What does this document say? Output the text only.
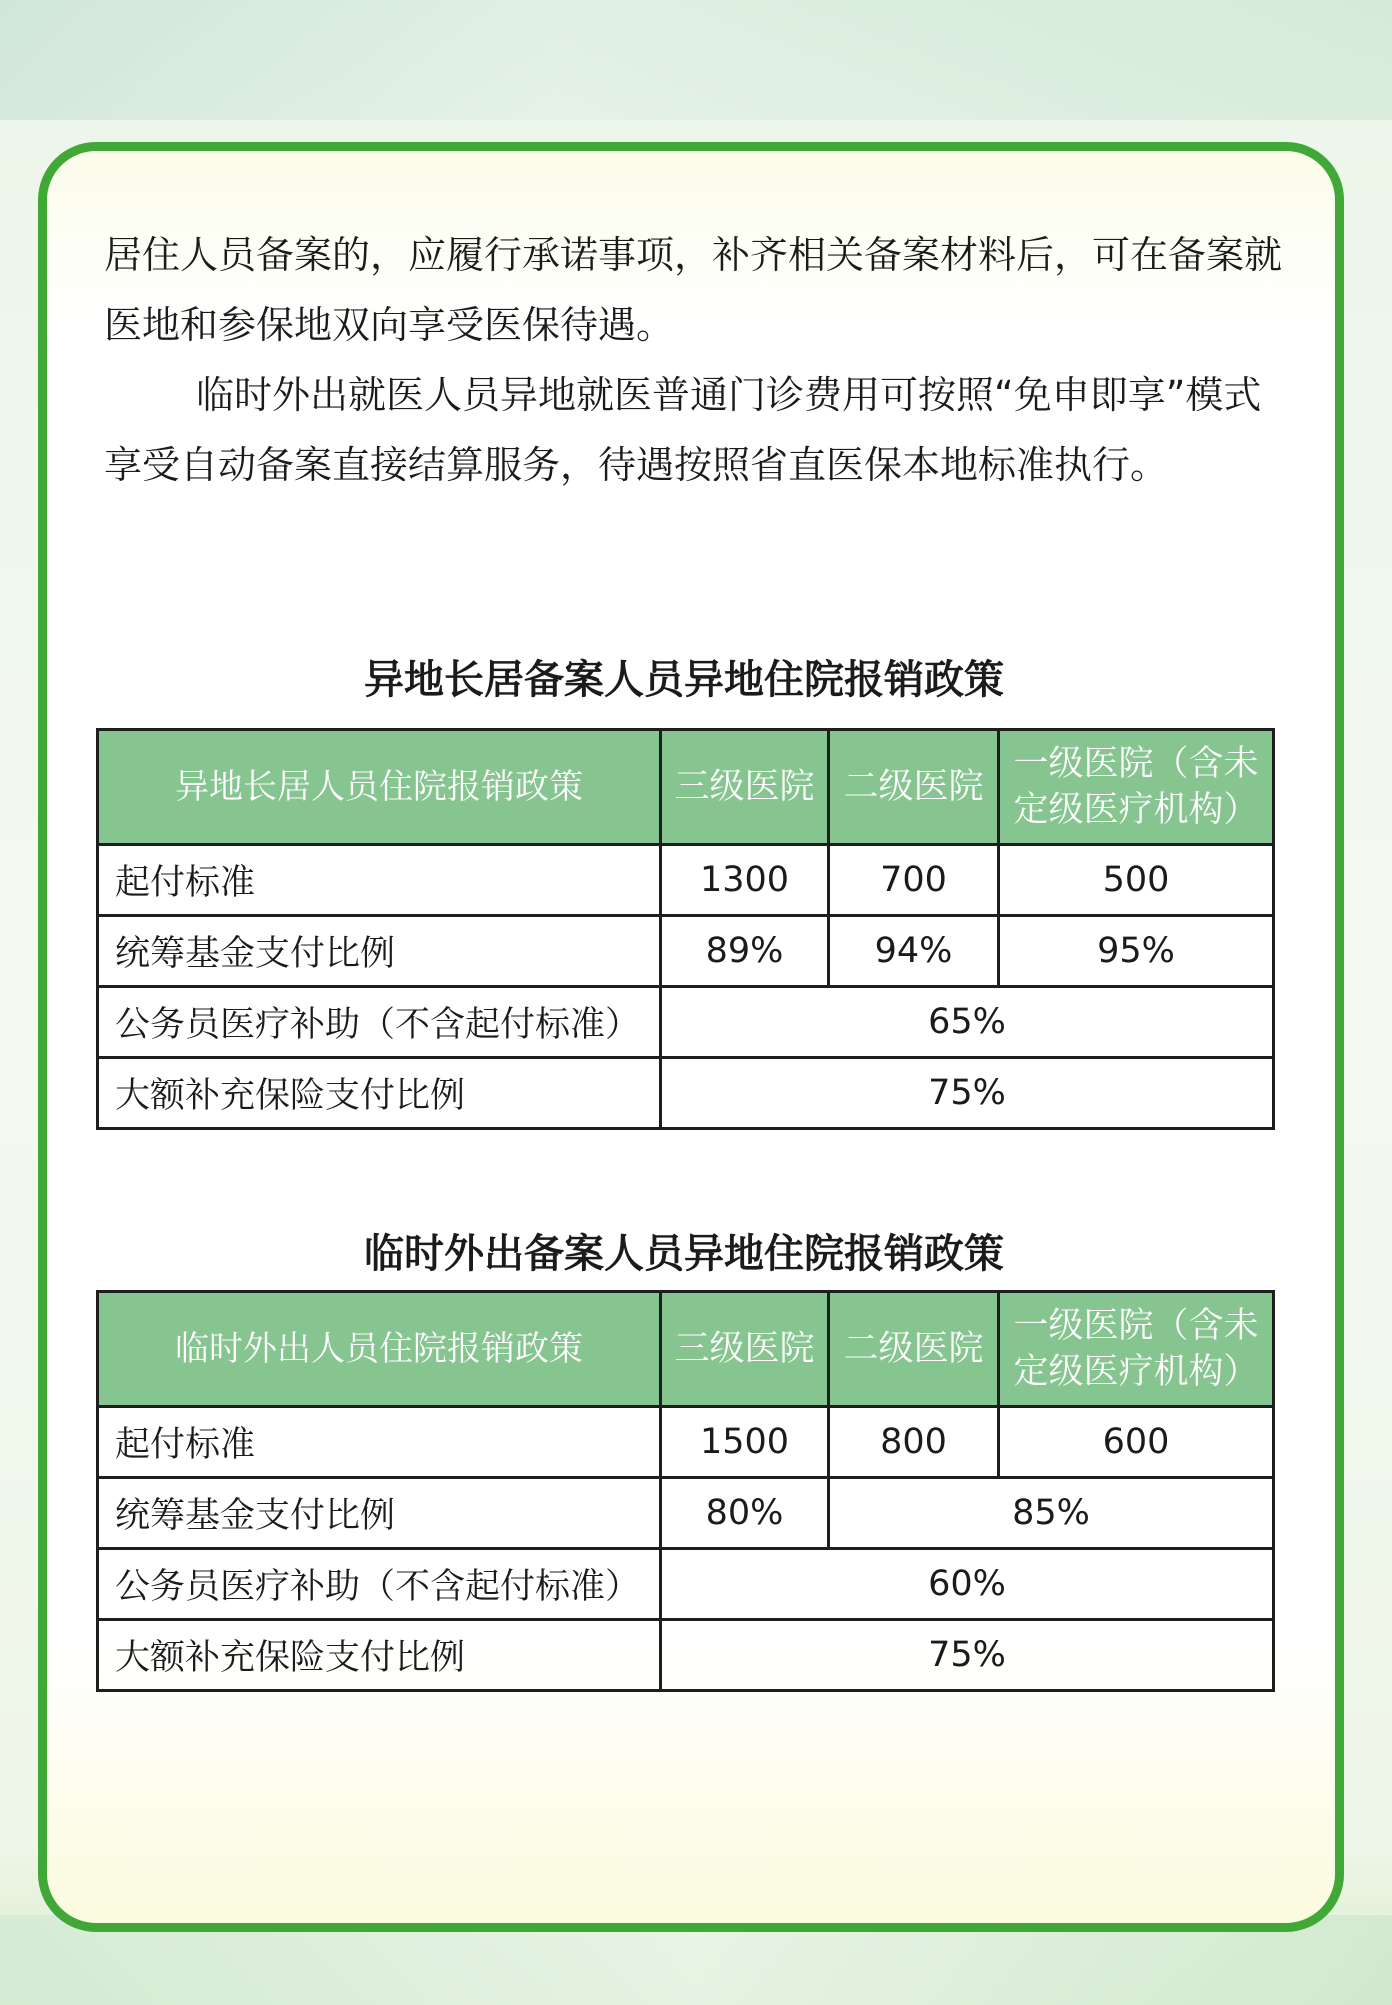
居住人员备案的，应履行承诺事项，补齐相关备案材料后，可在备案就医地和参保地双向享受医保待遇。

临时外出就医人员异地就医普通门诊费用可按照“免申即享”模式享受自动备案直接结算服务，待遇按照省直医保本地标准执行。

异地长居备案人员异地住院报销政策
异地长居人员住院报销政策	三级医院	二级医院	一级医院（含未定级医疗机构）
起付标准	1300	700	500
统筹基金支付比例	89%	94%	95%
公务员医疗补助（不含起付标准）	65%		
大额补充保险支付比例	75%		
临时外出备案人员异地住院报销政策
临时外出人员住院报销政策	三级医院	二级医院	一级医院（含未定级医疗机构）
起付标准	1500	800	600
统筹基金支付比例	80%	85%	
公务员医疗补助（不含起付标准）	60%		
大额补充保险支付比例	75%		
